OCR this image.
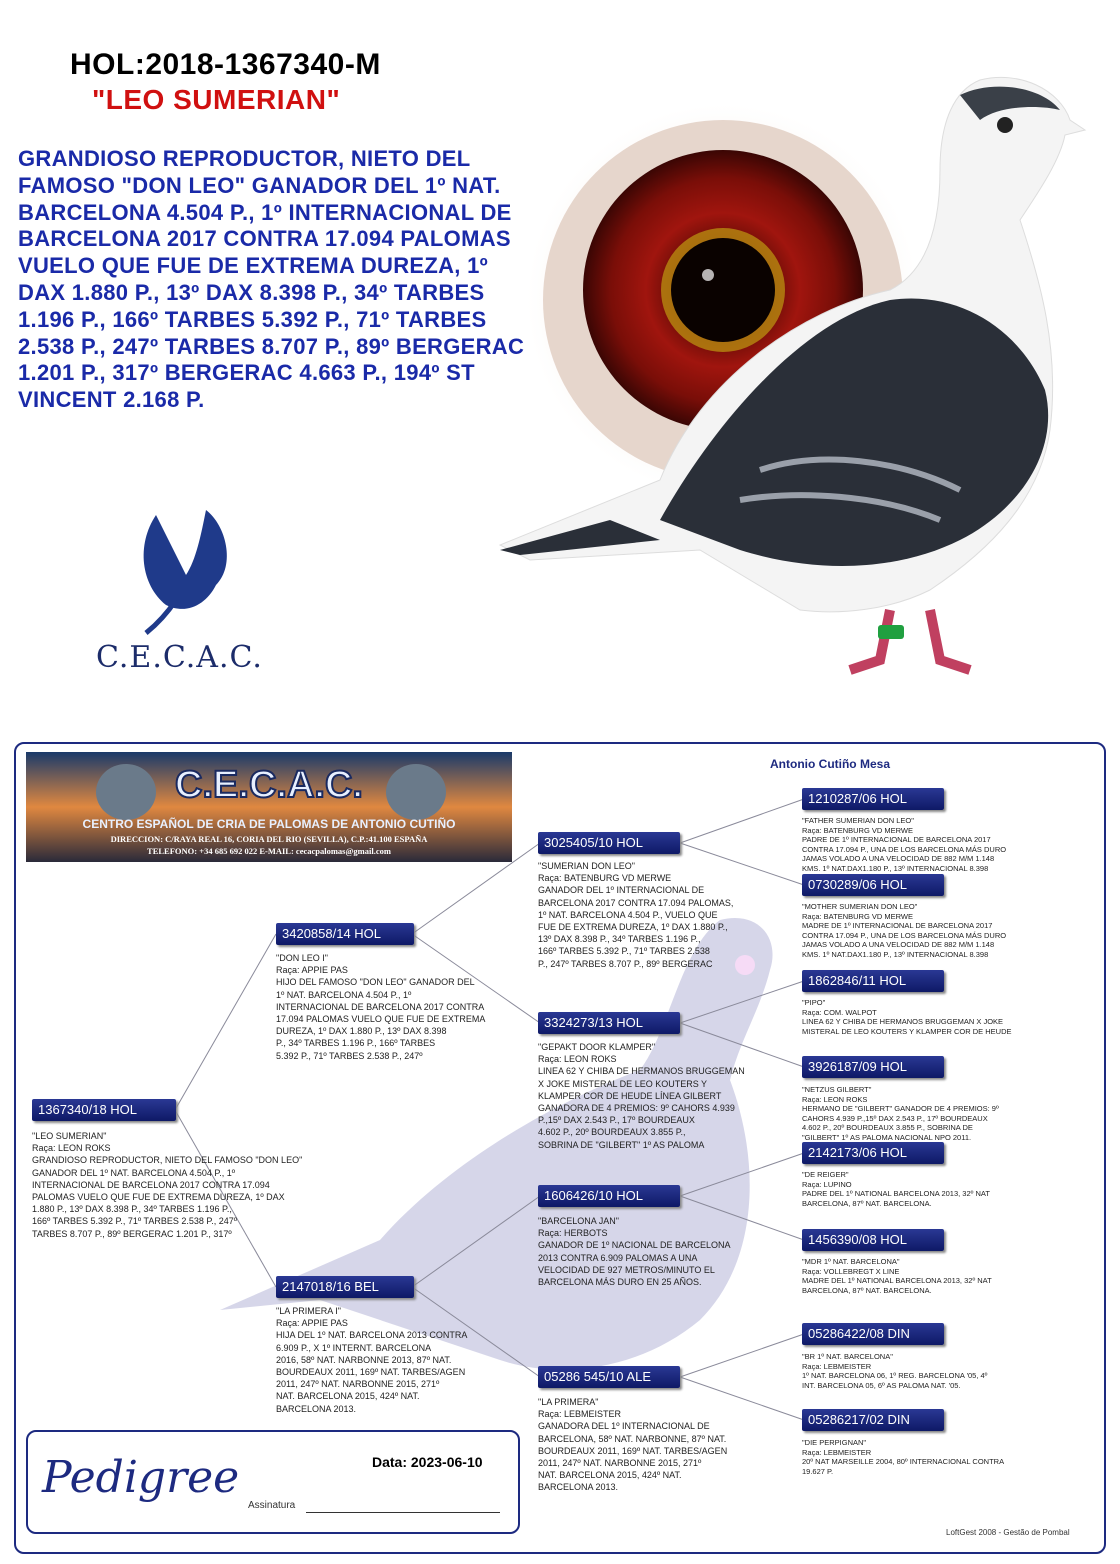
HOL:2018-1367340-M
"LEO SUMERIAN"
GRANDIOSO REPRODUCTOR, NIETO DEL FAMOSO "DON LEO" GANADOR DEL 1º NAT. BARCELONA 4.504 P., 1º INTERNACIONAL DE BARCELONA 2017 CONTRA 17.094 PALOMAS VUELO QUE FUE DE EXTREMA DUREZA, 1º DAX 1.880 P., 13º DAX 8.398 P., 34º TARBES 1.196 P., 166º TARBES 5.392 P., 71º TARBES 2.538 P., 247º TARBES 8.707 P., 89º BERGERAC 1.201 P., 317º BERGERAC 4.663 P., 194º ST VINCENT 2.168 P.
C.E.C.A.C.
C.E.C.A.C.
CENTRO ESPAÑOL DE CRIA DE PALOMAS DE ANTONIO CUTIÑO
DIRECCION: C/RAYA REAL 16, CORIA DEL RIO (SEVILLA), C.P.:41.100 ESPAÑA
TELEFONO: +34 685 692 022 E-MAIL: cecacpalomas@gmail.com
Antonio Cutiño Mesa
1367340/18 HOL
"LEO SUMERIAN"
Raça: LEON ROKS
GRANDIOSO REPRODUCTOR, NIETO DEL FAMOSO "DON LEO"
GANADOR DEL 1º NAT. BARCELONA 4.504 P., 1º
INTERNACIONAL DE BARCELONA 2017 CONTRA 17.094
PALOMAS VUELO QUE FUE DE EXTREMA DUREZA, 1º DAX
1.880 P., 13º DAX 8.398 P., 34º TARBES 1.196 P.,
166º TARBES 5.392 P., 71º TARBES 2.538 P., 247º
TARBES 8.707 P., 89º BERGERAC 1.201 P., 317º
3420858/14 HOL
"DON LEO I"
Raça: APPIE PAS
HIJO DEL FAMOSO "DON LEO" GANADOR DEL
1º NAT. BARCELONA 4.504 P., 1º
INTERNACIONAL DE BARCELONA 2017 CONTRA
17.094 PALOMAS VUELO QUE FUE DE EXTREMA
DUREZA, 1º DAX 1.880 P., 13º DAX 8.398
P., 34º TARBES 1.196 P., 166º TARBES
5.392 P., 71º TARBES 2.538 P., 247º
2147018/16 BEL
"LA PRIMERA I"
Raça: APPIE PAS
HIJA DEL 1º NAT. BARCELONA 2013 CONTRA
6.909 P., X 1º INTERNT. BARCELONA
2016, 58º NAT. NARBONNE 2013, 87º NAT.
BOURDEAUX 2011, 169º NAT. TARBES/AGEN
2011, 247º NAT. NARBONNE 2015, 271º
NAT. BARCELONA 2015, 424º NAT.
BARCELONA 2013.
3025405/10 HOL
"SUMERIAN DON LEO"
Raça: BATENBURG VD MERWE
GANADOR DEL 1º INTERNACIONAL DE
BARCELONA 2017 CONTRA 17.094 PALOMAS,
1º NAT. BARCELONA 4.504 P., VUELO QUE
FUE DE EXTREMA DUREZA, 1º DAX 1.880 P.,
13º DAX 8.398 P., 34º TARBES 1.196 P.,
166º TARBES 5.392 P., 71º TARBES 2.538
P., 247º TARBES 8.707 P., 89º BERGERAC
3324273/13 HOL
"GEPAKT DOOR KLAMPER"
Raça: LEON ROKS
LINEA 62 Y CHIBA DE HERMANOS BRUGGEMAN
X JOKE MISTERAL DE LEO KOUTERS Y
KLAMPER COR DE HEUDE LÍNEA GILBERT
GANADORA DE 4 PREMIOS: 9º CAHORS 4.939
P.,15º DAX 2.543 P., 17º BOURDEAUX
4.602 P., 20º BOURDEAUX 3.855 P.,
SOBRINA DE "GILBERT" 1º AS PALOMA
1606426/10 HOL
"BARCELONA JAN"
Raça: HERBOTS
GANADOR DE 1º NACIONAL DE BARCELONA
2013 CONTRA 6.909 PALOMAS A UNA
VELOCIDAD DE 927 METROS/MINUTO EL
BARCELONA MÁS DURO EN 25 AÑOS.
05286 545/10 ALE
"LA PRIMERA"
Raça: LEBMEISTER
GANADORA DEL 1º INTERNACIONAL DE
BARCELONA, 58º NAT. NARBONNE, 87º NAT.
BOURDEAUX 2011, 169º NAT. TARBES/AGEN
2011, 247º NAT. NARBONNE 2015, 271º
NAT. BARCELONA 2015, 424º NAT.
BARCELONA 2013.
1210287/06 HOL
"FATHER SUMERIAN DON LEO"
Raça: BATENBURG VD MERWE
PADRE DE 1º INTERNACIONAL DE BARCELONA 2017
CONTRA 17.094 P., UNA DE LOS BARCELONA MÁS DURO
JAMAS VOLADO A UNA VELOCIDAD DE 882 M/M 1.148
KMS. 1º NAT.DAX1.180 P., 13º INTERNACIONAL 8.398
0730289/06 HOL
"MOTHER SUMERIAN DON LEO"
Raça: BATENBURG VD MERWE
MADRE DE 1º INTERNACIONAL DE BARCELONA 2017
CONTRA 17.094 P., UNA DE LOS BARCELONA MÁS DURO
JAMAS VOLADO A UNA VELOCIDAD DE 882 M/M 1.148
KMS. 1º NAT.DAX1.180 P., 13º INTERNACIONAL 8.398
1862846/11 HOL
"PIPO"
Raça: COM. WALPOT
LINEA 62 Y CHIBA DE HERMANOS BRUGGEMAN X JOKE
MISTERAL DE LEO KOUTERS Y KLAMPER COR DE HEUDE
3926187/09 HOL
"NETZUS GILBERT"
Raça: LEON ROKS
HERMANO DE "GILBERT" GANADOR DE 4 PREMIOS: 9º
CAHORS 4.939 P.,15º DAX 2.543 P., 17º BOURDEAUX
4.602 P., 20º BOURDEAUX 3.855 P., SOBRINA DE
"GILBERT" 1º AS PALOMA NACIONAL NPO 2011.
2142173/06 HOL
"DE REIGER"
Raça: LUPINO
PADRE DEL 1º NATIONAL BARCELONA 2013, 32º NAT
BARCELONA, 87º NAT. BARCELONA.
1456390/08 HOL
"MDR 1º NAT. BARCELONA"
Raça: VOLLEBREGT X LINE
MADRE DEL 1º NATIONAL BARCELONA 2013, 32º NAT
BARCELONA, 87º NAT. BARCELONA.
05286422/08 DIN
"BR 1º NAT. BARCELONA"
Raça: LEBMEISTER
1º NAT. BARCELONA 06, 1º REG. BARCELONA '05, 4º
INT. BARCELONA 05, 6º AS PALOMA NAT. '05.
05286217/02 DIN
"DIE PERPIGNAN"
Raça: LEBMEISTER
20º NAT MARSEILLE 2004, 80º INTERNACIONAL CONTRA
19.627 P.
Pedigree	Data: 2023-06-10
Assinatura
LoftGest 2008 - Gestão de Pombal
